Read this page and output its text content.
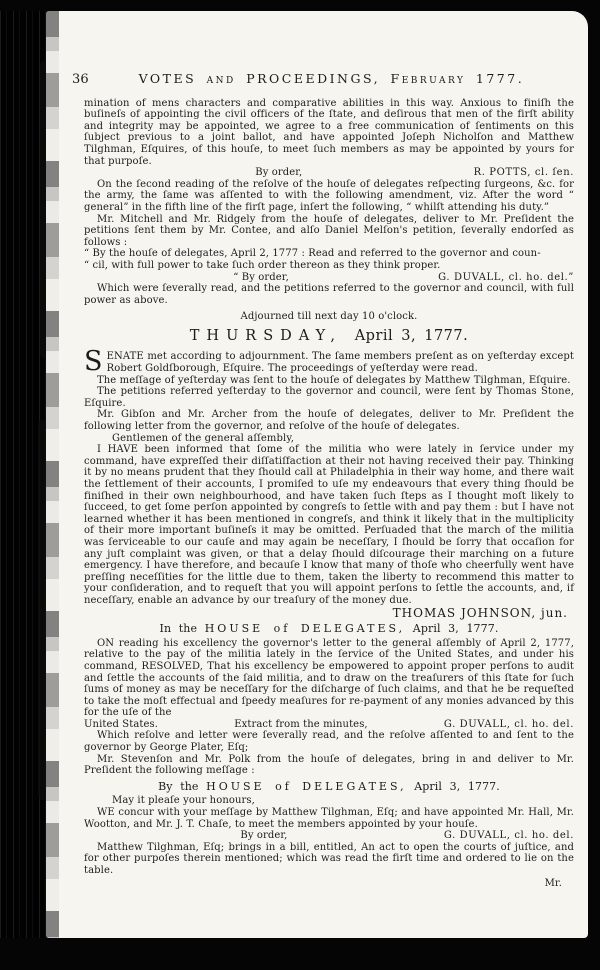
36	VOTES and PROCEEDINGS, February 1777.

mination of mens characters and comparative abilities in this way. Anxious to finiſh the buſineſs of appointing the civil officers of the ſtate, and deſirous that men of the firſt ability and integrity may be appointed, we agree to a free communication of ſentiments on this ſubject previous to a joint ballot, and have appointed Joſeph Nicholſon and Matthew Tilghman, Eſquires, of this houſe, to meet ſuch members as may be appointed by yours for that purpoſe.

By order,	R. POTTS, cl. ſen.

On the ſecond reading of the reſolve of the houſe of delegates reſpecting ſurgeons, &c. for the army, the ſame was aſſented to with the following amendment, viz. After the word “ general” in the fifth line of the firſt page, inſert the following, “ whilſt attending his duty.”

Mr. Mitchell and Mr. Ridgely from the houſe of delegates, deliver to Mr. Preſident the petitions ſent them by Mr. Contee, and alſo Daniel Melſon's petition, ſeverally endorſed as follows :

“ By the houſe of delegates, April 2, 1777 : Read and referred to the governor and coun-

“ cil, with full power to take ſuch order thereon as they think proper.

“ By order,	G. DUVALL, cl. ho. del.”

Which were ſeverally read, and the petitions referred to the governor and council, with full power as above.

Adjourned till next day 10 o'clock.

THURSDAY, April 3, 1777.

SENATE met according to adjournment. The ſame members preſent as on yeſterday except Robert Goldſborough, Eſquire. The proceedings of yeſterday were read.

The meſſage of yeſterday was ſent to the houſe of delegates by Matthew Tilghman, Eſquire.

The petitions referred yeſterday to the governor and council, were ſent by Thomas Stone, Eſquire.

Mr. Gibſon and Mr. Archer from the houſe of delegates, deliver to Mr. Preſident the following letter from the governor, and reſolve of the houſe of delegates.

Gentlemen of the general aſſembly,

I HAVE been informed that ſome of the militia who were lately in ſervice under my command, have expreſſed their diſſatiſfaction at their not having received their pay. Thinking it by no means prudent that they ſhould call at Philadelphia in their way home, and there wait the ſettlement of their accounts, I promiſed to uſe my endeavours that every thing ſhould be finiſhed in their own neighbourhood, and have taken ſuch ſteps as I thought moſt likely to ſucceed, to get ſome perſon appointed by congreſs to ſettle with and pay them : but I have not learned whether it has been mentioned in congreſs, and think it likely that in the multiplicity of their more important buſineſs it may be omitted. Perſuaded that the march of the militia was ſerviceable to our cauſe and may again be neceſſary, I ſhould be ſorry that occaſion for any juſt complaint was given, or that a delay ſhould diſcourage their marching on a future emergency. I have therefore, and becauſe I know that many of thoſe who cheerfully went have preſſing neceſſities for the little due to them, taken the liberty to recommend this matter to your conſideration, and to requeſt that you will appoint perſons to ſettle the accounts, and, if neceſſary, enable an advance by our treaſury of the money due.

THOMAS JOHNSON, jun.
In the HOUSE of DELEGATES, April 3, 1777.

ON reading his excellency the governor's letter to the general aſſembly of April 2, 1777, relative to the pay of the militia lately in the ſervice of the United States, and under his command, RESOLVED, That his excellency be empowered to appoint proper perſons to audit and ſettle the accounts of the ſaid militia, and to draw on the treaſurers of this ſtate for ſuch ſums of money as may be neceſſary for the diſcharge of ſuch claims, and that he be requeſted to take the moſt effectual and ſpeedy meaſures for re-payment of any monies advanced by this for the uſe of the

United States.	Extract from the minutes,	G. DUVALL, cl. ho. del.

Which reſolve and letter were ſeverally read, and the reſolve aſſented to and ſent to the governor by George Plater, Eſq;

Mr. Stevenſon and Mr. Polk from the houſe of delegates, bring in and deliver to Mr. Preſident the following meſſage :

By the HOUSE of DELEGATES, April 3, 1777.

May it pleaſe your honours,

WE concur with your meſſage by Matthew Tilghman, Eſq; and have appointed Mr. Hall, Mr. Wootton, and Mr. J. T. Chaſe, to meet the members appointed by your houſe.

By order,	G. DUVALL, cl. ho. del.

Matthew Tilghman, Eſq; brings in a bill, entitled, An act to open the courts of juſtice, and for other purpoſes therein mentioned; which was read the firſt time and ordered to lie on the table.

Mr.
